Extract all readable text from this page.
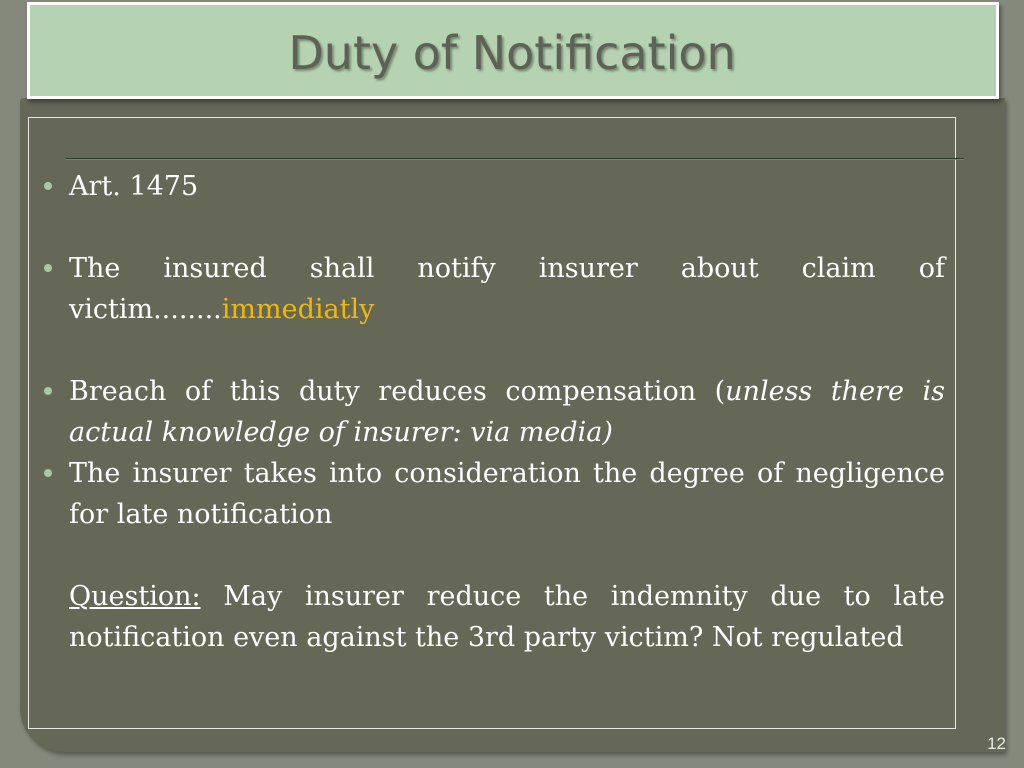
Duty of Notification
Art. 1475
The insured shall notify insurer about claim of victim........immediatly
Breach of this duty reduces compensation (unless there is actual knowledge of insurer: via media)
The insurer takes into consideration the degree of negligence for late notification
Question: May insurer reduce the indemnity due to late notification even against the 3rd party victim? Not regulated
12
